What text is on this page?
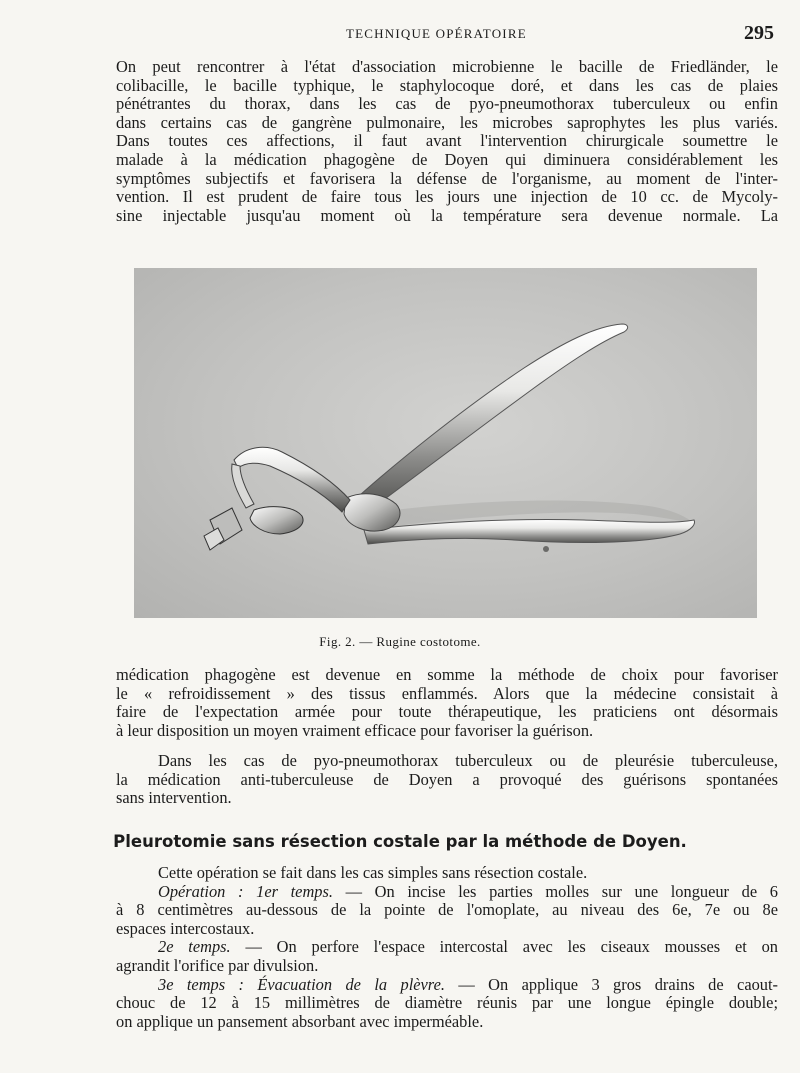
TECHNIQUE OPÉRATOIRE	295
On peut rencontrer à l'état d'association microbienne le bacille de Friedländer, le
colibacille, le bacille typhique, le staphylocoque doré, et dans les cas de plaies
pénétrantes du thorax, dans les cas de pyo-pneumothorax tuberculeux ou enfin
dans certains cas de gangrène pulmonaire, les microbes saprophytes les plus variés.
Dans toutes ces affections, il faut avant l'intervention chirurgicale soumettre le
malade à la médication phagogène de Doyen qui diminuera considérablement les
symptômes subjectifs et favorisera la défense de l'organisme, au moment de l'inter-
vention. Il est prudent de faire tous les jours une injection de 10 cc. de Mycoly-
sine injectable jusqu'au moment où la température sera devenue normale. La
Fig. 2. — Rugine costotome.
médication phagogène est devenue en somme la méthode de choix pour favoriser
le « refroidissement » des tissus enflammés. Alors que la médecine consistait à
faire de l'expectation armée pour toute thérapeutique, les praticiens ont désormais
à leur disposition un moyen vraiment efficace pour favoriser la guérison.
Dans les cas de pyo-pneumothorax tuberculeux ou de pleurésie tuberculeuse,
la médication anti-tuberculeuse de Doyen a provoqué des guérisons spontanées
sans intervention.
Pleurotomie sans résection costale par la méthode de Doyen.
Cette opération se fait dans les cas simples sans résection costale.
Opération : 1er temps. — On incise les parties molles sur une longueur de 6
à 8 centimètres au-dessous de la pointe de l'omoplate, au niveau des 6e, 7e ou 8e
espaces intercostaux.
2e temps. — On perfore l'espace intercostal avec les ciseaux mousses et on
agrandit l'orifice par divulsion.
3e temps : Évacuation de la plèvre. — On applique 3 gros drains de caout-
chouc de 12 à 15 millimètres de diamètre réunis par une longue épingle double;
on applique un pansement absorbant avec imperméable.
